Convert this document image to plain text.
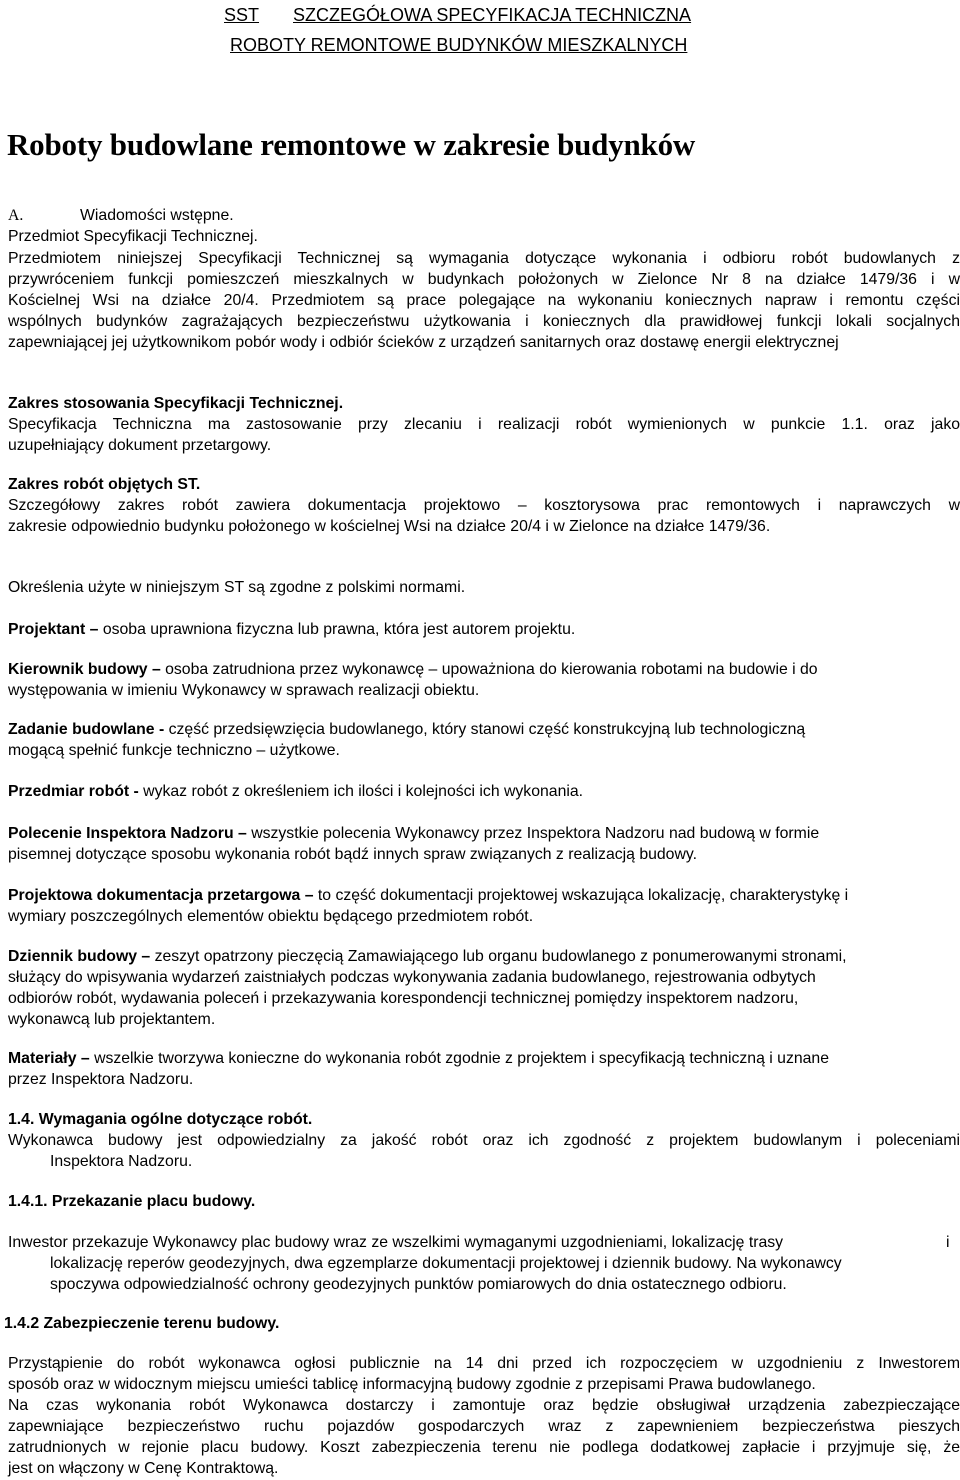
SST SZCZEGÓŁOWA SPECYFIKACJA TECHNICZNA
ROBOTY REMONTOWE BUDYNKÓW MIESZKALNYCH
Roboty budowlane remontowe w zakresie budynków
A.	Wiadomości wstępne.
Przedmiot Specyfikacji Technicznej.
Przedmiotem niniejszej Specyfikacji Technicznej są wymagania dotyczące wykonania i odbioru robót budowlanych z
przywróceniem funkcji pomieszczeń mieszkalnych w budynkach położonych w Zielonce Nr 8 na działce 1479/36 i w
Kościelnej Wsi na działce 20/4. Przedmiotem są prace polegające na wykonaniu koniecznych napraw i remontu części
wspólnych budynków zagrażających bezpieczeństwu użytkowania i koniecznych dla prawidłowej funkcji lokali socjalnych
zapewniającej jej użytkownikom pobór wody i odbiór ścieków z urządzeń sanitarnych oraz dostawę energii elektrycznej
Zakres stosowania Specyfikacji Technicznej.
Specyfikacja Techniczna ma zastosowanie przy zlecaniu i realizacji robót wymienionych w punkcie 1.1. oraz jako
uzupełniający dokument przetargowy.
Zakres robót objętych ST.
Szczegółowy zakres robót zawiera dokumentacja projektowo – kosztorysowa prac remontowych i naprawczych w
zakresie odpowiednio budynku położonego w kościelnej Wsi na działce 20/4 i w Zielonce na działce 1479/36.
Określenia użyte w niniejszym ST są zgodne z polskimi normami.
Projektant – osoba uprawniona fizyczna lub prawna, która jest autorem projektu.
Kierownik budowy – osoba zatrudniona przez wykonawcę – upoważniona do kierowania robotami na budowie i do
występowania w imieniu Wykonawcy w sprawach realizacji obiektu.
Zadanie budowlane - część przedsięwzięcia budowlanego, który stanowi część konstrukcyjną lub technologiczną
mogącą spełnić funkcje techniczno – użytkowe.
Przedmiar robót - wykaz robót z określeniem ich ilości i kolejności ich wykonania.
Polecenie Inspektora Nadzoru – wszystkie polecenia Wykonawcy przez Inspektora Nadzoru nad budową w formie
pisemnej dotyczące sposobu wykonania robót bądź innych spraw związanych z realizacją budowy.
Projektowa dokumentacja przetargowa – to część dokumentacji projektowej wskazująca lokalizację, charakterystykę i
wymiary poszczególnych elementów obiektu będącego przedmiotem robót.
Dziennik budowy – zeszyt opatrzony pieczęcią Zamawiającego lub organu budowlanego z ponumerowanymi stronami,
służący do wpisywania wydarzeń zaistniałych podczas wykonywania zadania budowlanego, rejestrowania odbytych
odbiorów robót, wydawania poleceń i przekazywania korespondencji technicznej pomiędzy inspektorem nadzoru,
wykonawcą lub projektantem.
Materiały – wszelkie tworzywa konieczne do wykonania robót zgodnie z projektem i specyfikacją techniczną i uznane
przez Inspektora Nadzoru.
1.4. Wymagania ogólne dotyczące robót.
Wykonawca budowy jest odpowiedzialny za jakość robót oraz ich zgodność z projektem budowlanym i poleceniami
Inspektora Nadzoru.
1.4.1. Przekazanie placu budowy.
Inwestor przekazuje Wykonawcy plac budowy wraz ze wszelkimi wymaganymi uzgodnieniami, lokalizację trasy	i
lokalizację reperów geodezyjnych, dwa egzemplarze dokumentacji projektowej i dziennik budowy. Na wykonawcy
spoczywa odpowiedzialność ochrony geodezyjnych punktów pomiarowych do dnia ostatecznego odbioru.
1.4.2 Zabezpieczenie terenu budowy.
Przystąpienie do robót wykonawca ogłosi publicznie na 14 dni przed ich rozpoczęciem w uzgodnieniu z Inwestorem
sposób oraz w widocznym miejscu umieści tablicę informacyjną budowy zgodnie z przepisami Prawa budowlanego.
Na czas wykonania robót Wykonawca dostarczy i zamontuje oraz będzie obsługiwał urządzenia zabezpieczające
zapewniające bezpieczeństwo ruchu pojazdów gospodarczych wraz z zapewnieniem bezpieczeństwa pieszych
zatrudnionych w rejonie placu budowy. Koszt zabezpieczenia terenu nie podlega dodatkowej zapłacie i przyjmuje się, że
jest on włączony w Cenę Kontraktową.
